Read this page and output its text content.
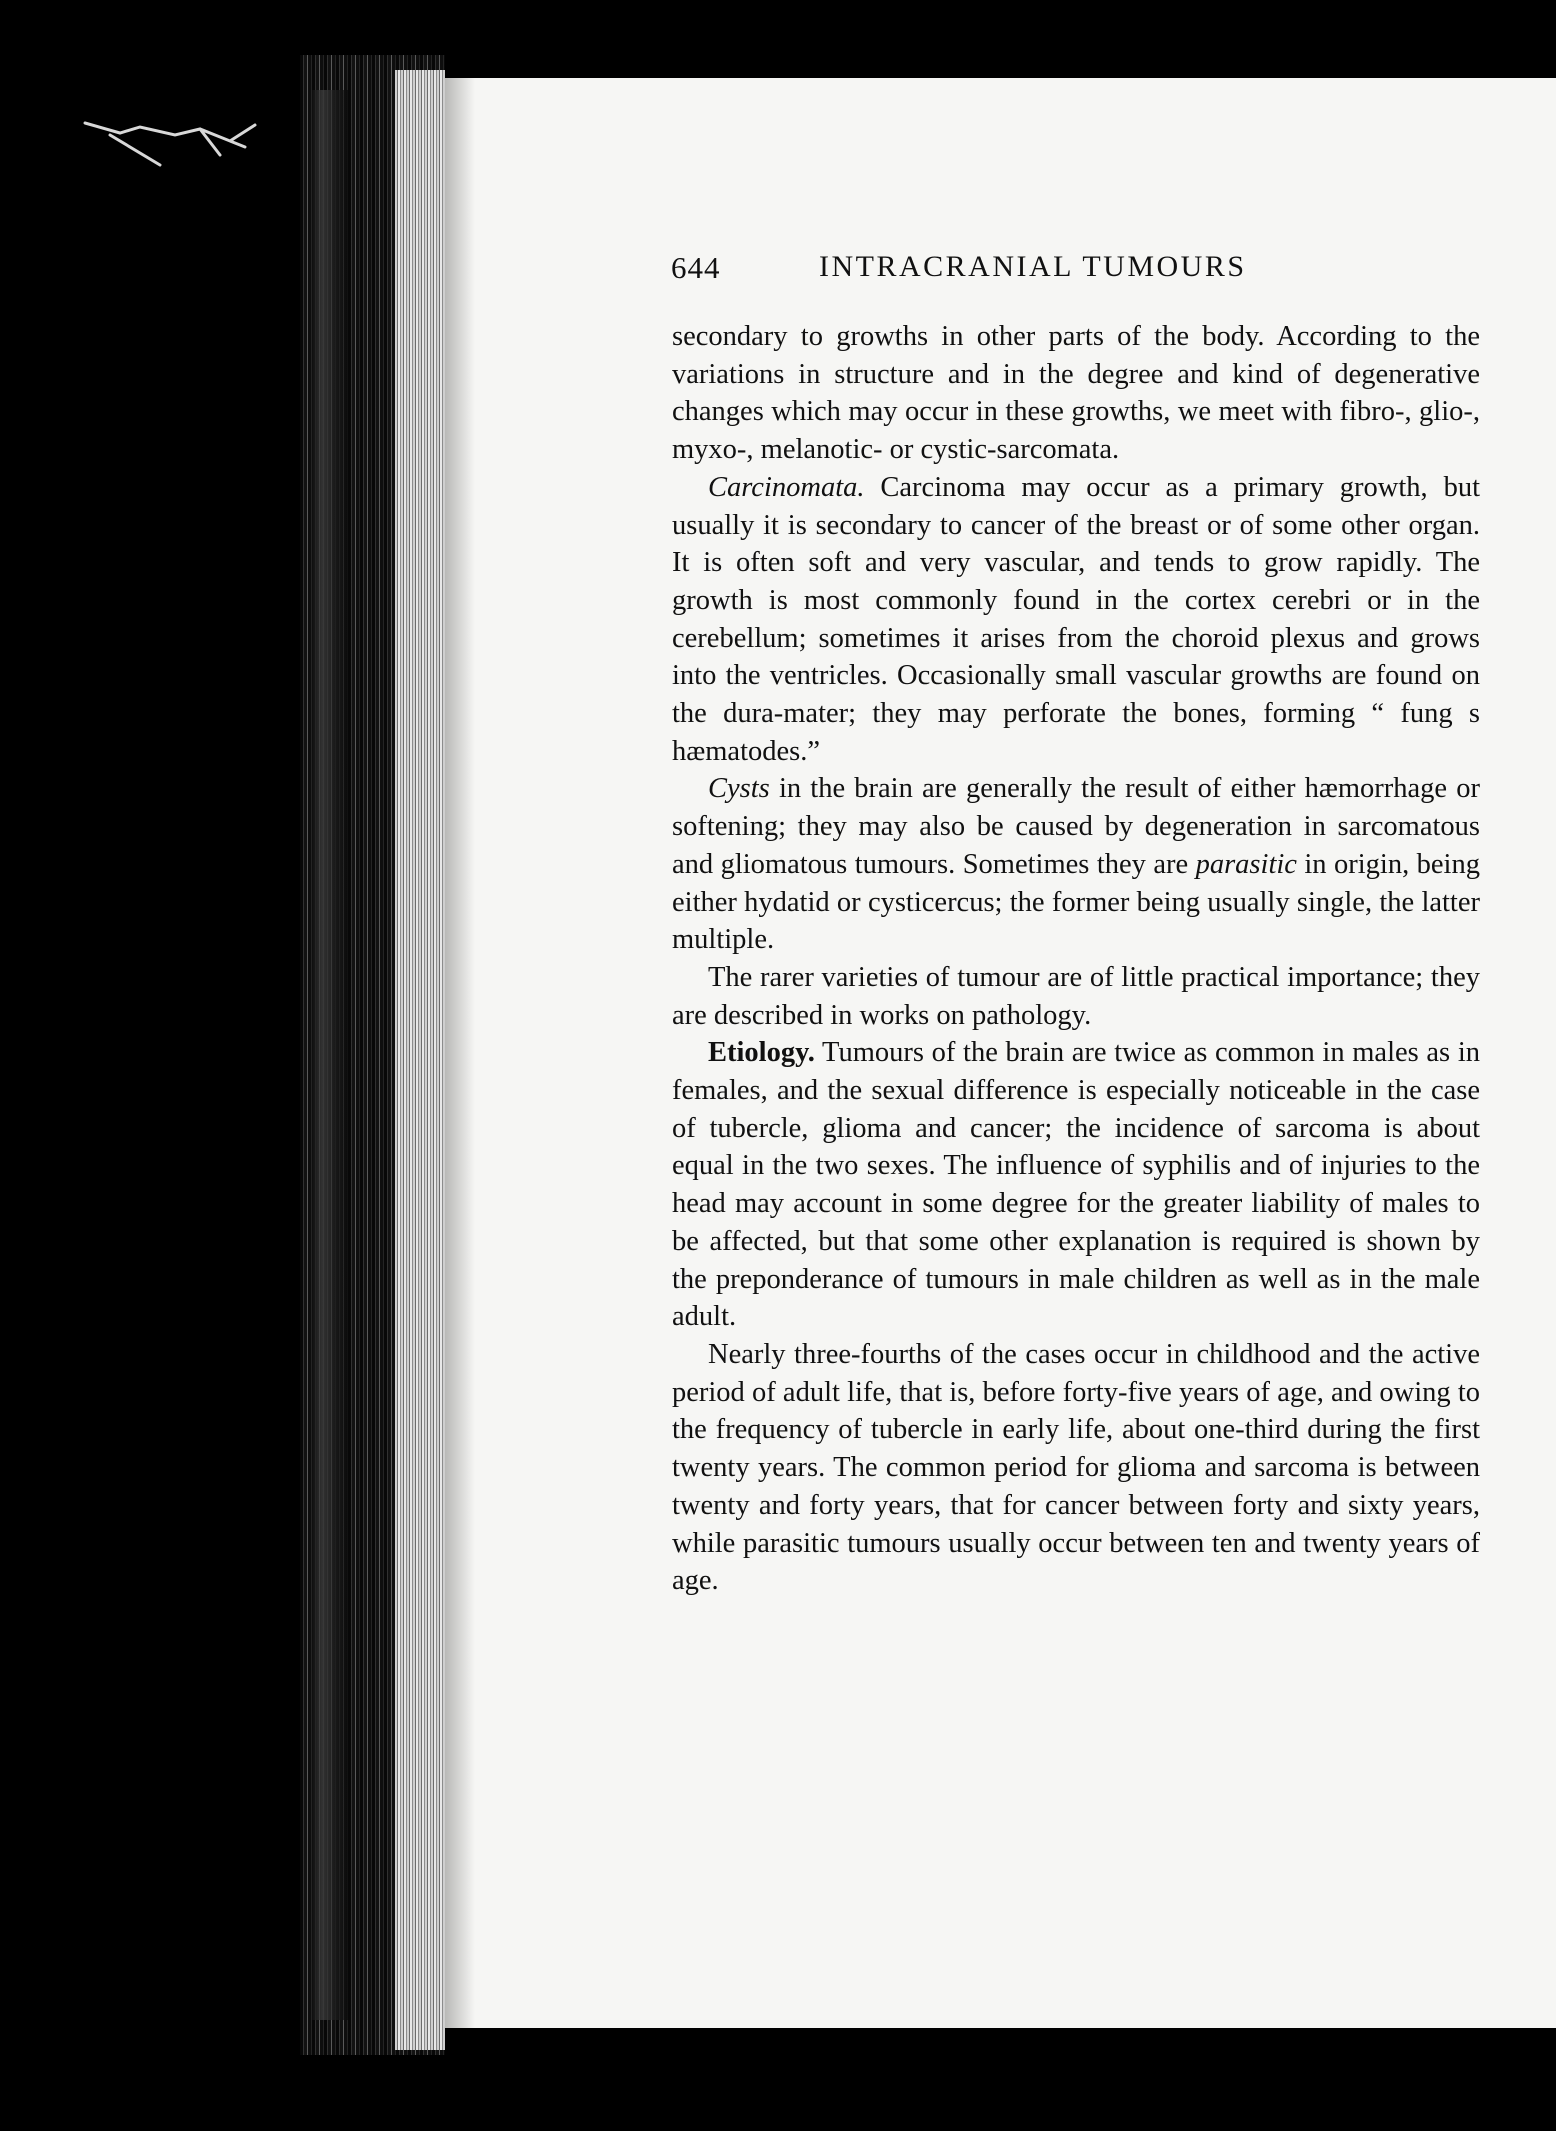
644	INTRACRANIAL TUMOURS

secondary to growths in other parts of the body. According to the variations in structure and in the degree and kind of degenerative changes which may occur in these growths, we meet with fibro-, glio-, myxo-, melanotic- or cystic-sarcomata.

Carcinomata. Carcinoma may occur as a primary growth, but usually it is secondary to cancer of the breast or of some other organ. It is often soft and very vascular, and tends to grow rapidly. The growth is most commonly found in the cortex cerebri or in the cerebellum; sometimes it arises from the choroid plexus and grows into the ventricles. Occasionally small vascular growths are found on the dura-mater; they may perforate the bones, forming “ fung s hæmatodes.”

Cysts in the brain are generally the result of either hæmorrhage or softening; they may also be caused by degeneration in sarcomatous and gliomatous tumours. Sometimes they are parasitic in origin, being either hydatid or cysticercus; the former being usually single, the latter multiple.

The rarer varieties of tumour are of little practical importance; they are described in works on pathology.

Etiology. Tumours of the brain are twice as common in males as in females, and the sexual difference is especially noticeable in the case of tubercle, glioma and cancer; the incidence of sarcoma is about equal in the two sexes. The influence of syphilis and of injuries to the head may account in some degree for the greater liability of males to be affected, but that some other explanation is required is shown by the preponderance of tumours in male children as well as in the male adult.

Nearly three-fourths of the cases occur in childhood and the active period of adult life, that is, before forty-five years of age, and owing to the frequency of tubercle in early life, about one-third during the first twenty years. The common period for glioma and sarcoma is between twenty and forty years, that for cancer between forty and sixty years, while parasitic tumours usually occur between ten and twenty years of age.
